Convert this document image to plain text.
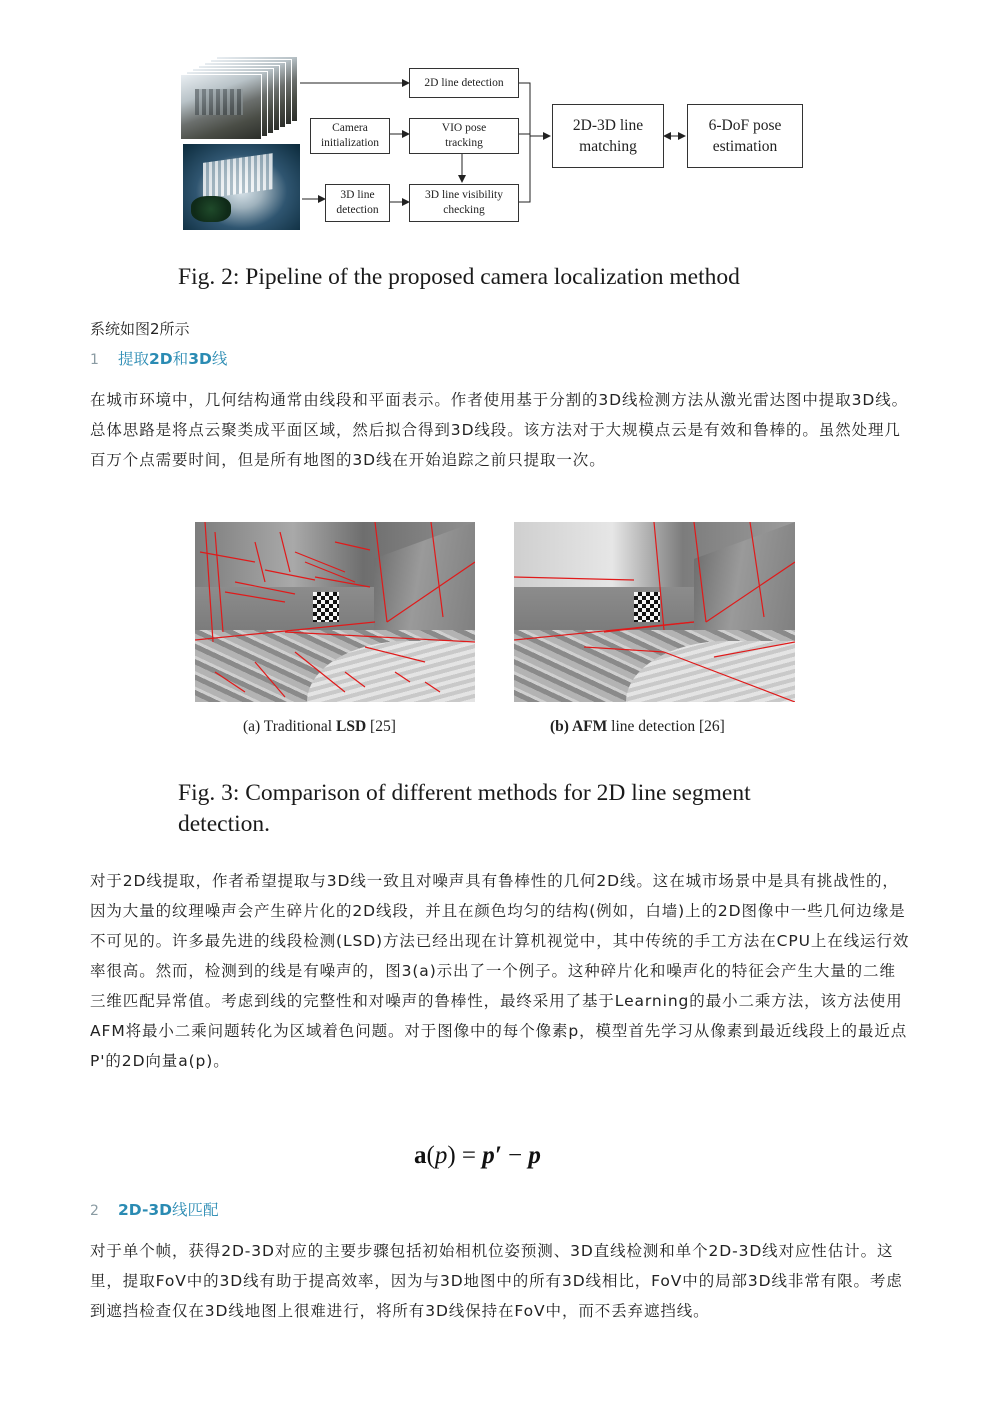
2D line detection
Camera
initialization
VIO pose
tracking
3D line
detection
3D line visibility
checking
2D-3D line
matching
6-DoF pose
estimation
Fig. 2: Pipeline of the proposed camera localization method
系统如图2所示
1	提取2D和3D线
在城市环境中，几何结构通常由线段和平面表示。作者使用基于分割的3D线检测方法从激光雷达图中提取3D线。总体思路是将点云聚类成平面区域，然后拟合得到3D线段。该方法对于大规模点云是有效和鲁棒的。虽然处理几百万个点需要时间，但是所有地图的3D线在开始追踪之前只提取一次。
(a) Traditional LSD [25]	(b) AFM line detection [26]
Fig. 3: Comparison of different methods for 2D line segment detection.
对于2D线提取，作者希望提取与3D线一致且对噪声具有鲁棒性的几何2D线。这在城市场景中是具有挑战性的，因为大量的纹理噪声会产生碎片化的2D线段，并且在颜色均匀的结构(例如，白墙)上的2D图像中一些几何边缘是不可见的。许多最先进的线段检测(LSD)方法已经出现在计算机视觉中，其中传统的手工方法在CPU上在线运行效率很高。然而，检测到的线是有噪声的，图3(a)示出了一个例子。这种碎片化和噪声化的特征会产生大量的二维三维匹配异常值。考虑到线的完整性和对噪声的鲁棒性，最终采用了基于Learning的最小二乘方法，该方法使用AFM将最小二乘问题转化为区域着色问题。对于图像中的每个像素p，模型首先学习从像素到最近线段上的最近点P'的2D向量a(p)。
a(p) = p′ − p
2	2D-3D线匹配
对于单个帧，获得2D-3D对应的主要步骤包括初始相机位姿预测、3D直线检测和单个2D-3D线对应性估计。这里，提取FoV中的3D线有助于提高效率，因为与3D地图中的所有3D线相比，FoV中的局部3D线非常有限。考虑到遮挡检查仅在3D线地图上很难进行，将所有3D线保持在FoV中，而不丢弃遮挡线。
